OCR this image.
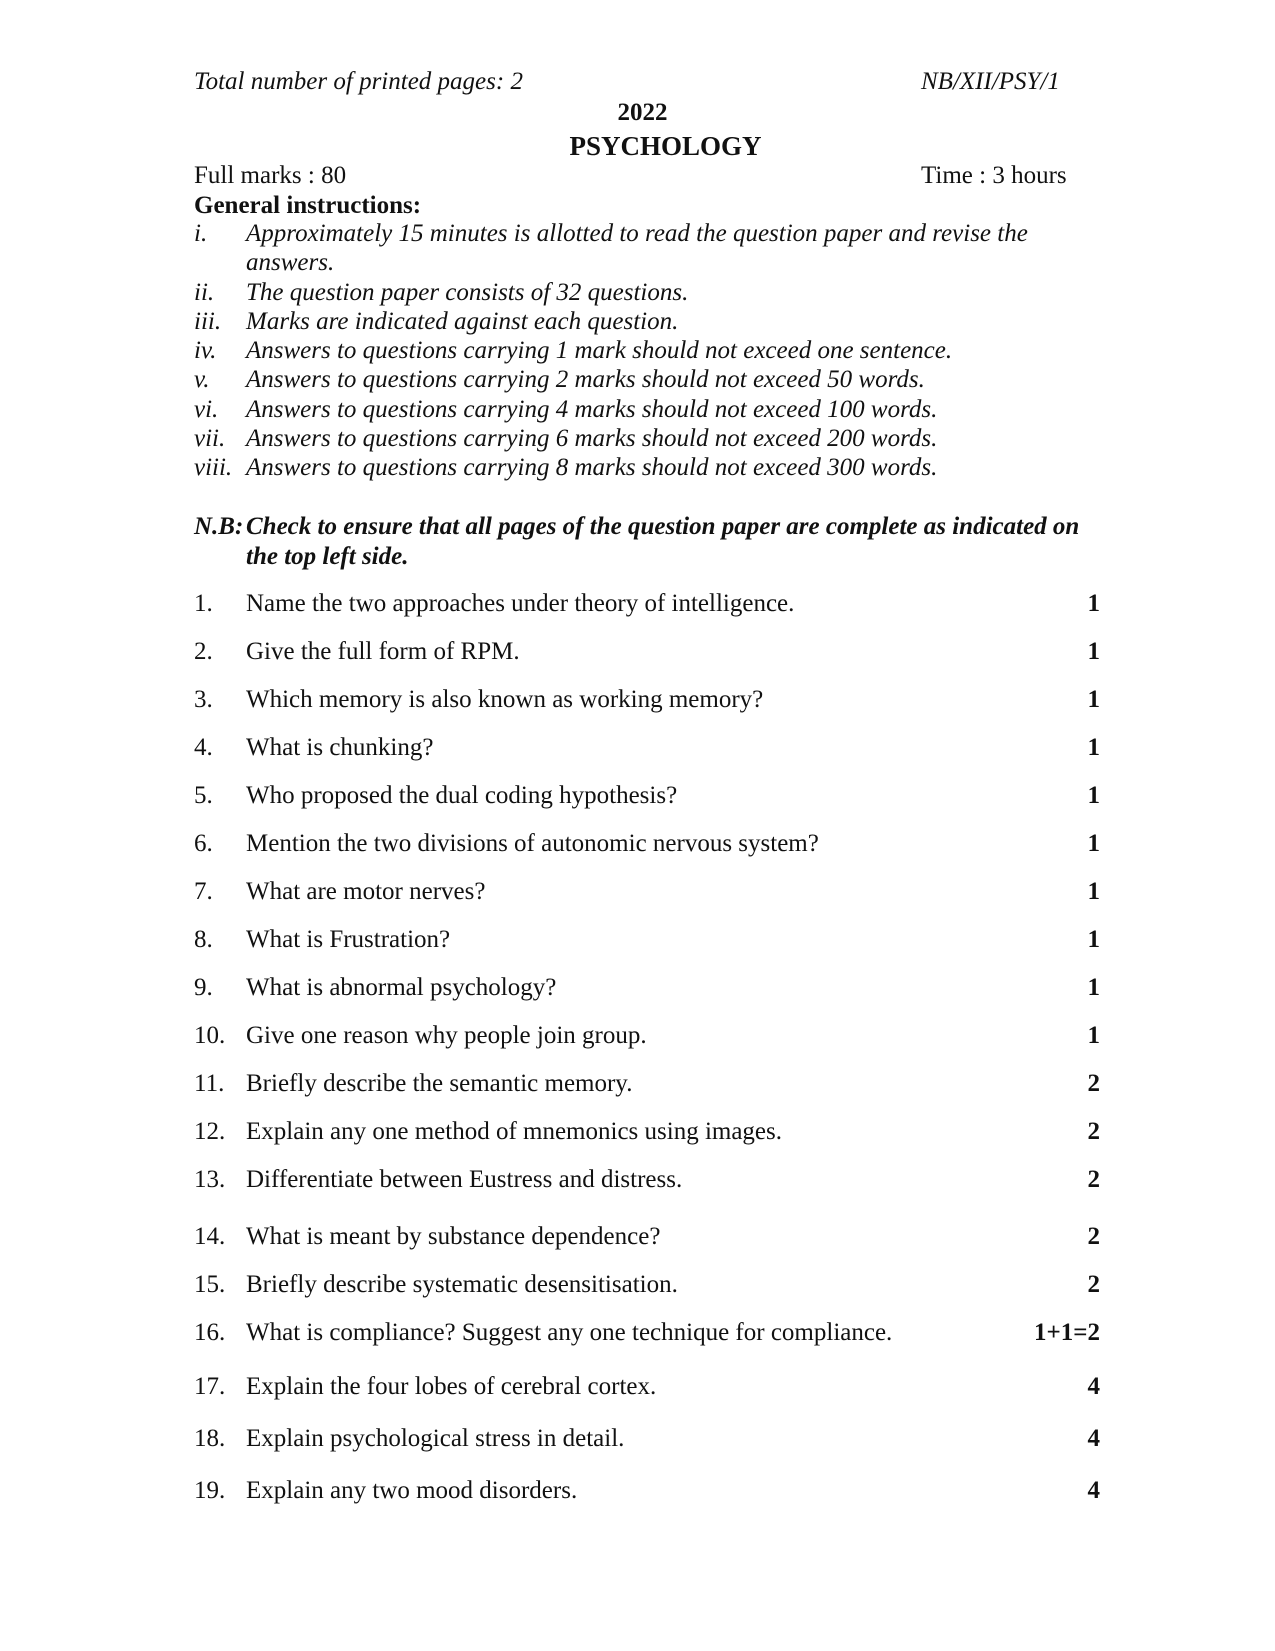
Total number of printed pages: 2	NB/XII/PSY/1
2022
PSYCHOLOGY
Full marks : 80	Time : 3 hours
General instructions:
i.	Approximately 15 minutes is allotted to read the question paper and revise the answers.
ii.	The question paper consists of 32 questions.
iii. Marks are indicated against each question.
iv.	Answers to questions carrying 1 mark should not exceed one sentence.
v.	Answers to questions carrying 2 marks should not exceed 50 words.
vi.	Answers to questions carrying 4 marks should not exceed 100 words.
vii. Answers to questions carrying 6 marks should not exceed 200 words.
viii. Answers to questions carrying 8 marks should not exceed 300 words.
N.B: Check to ensure that all pages of the question paper are complete as indicated on
the top left side.
1. Name the two approaches under theory of intelligence.	1
2. Give the full form of RPM.	1
3. Which memory is also known as working memory?	1
4. What is chunking?	1
5. Who proposed the dual coding hypothesis?	1
6. Mention the two divisions of autonomic nervous system?	1
7. What are motor nerves?	1
8. What is Frustration?	1
9. What is abnormal psychology?	1
10. Give one reason why people join group.	1
11. Briefly describe the semantic memory.	2
12. Explain any one method of mnemonics using images.	2
13. Differentiate between Eustress and distress.	2
14. What is meant by substance dependence?	2
15. Briefly describe systematic desensitisation.	2
16. What is compliance? Suggest any one technique for compliance.	1+1=2
17. Explain the four lobes of cerebral cortex.	4
18. Explain psychological stress in detail.	4
19. Explain any two mood disorders.	4
